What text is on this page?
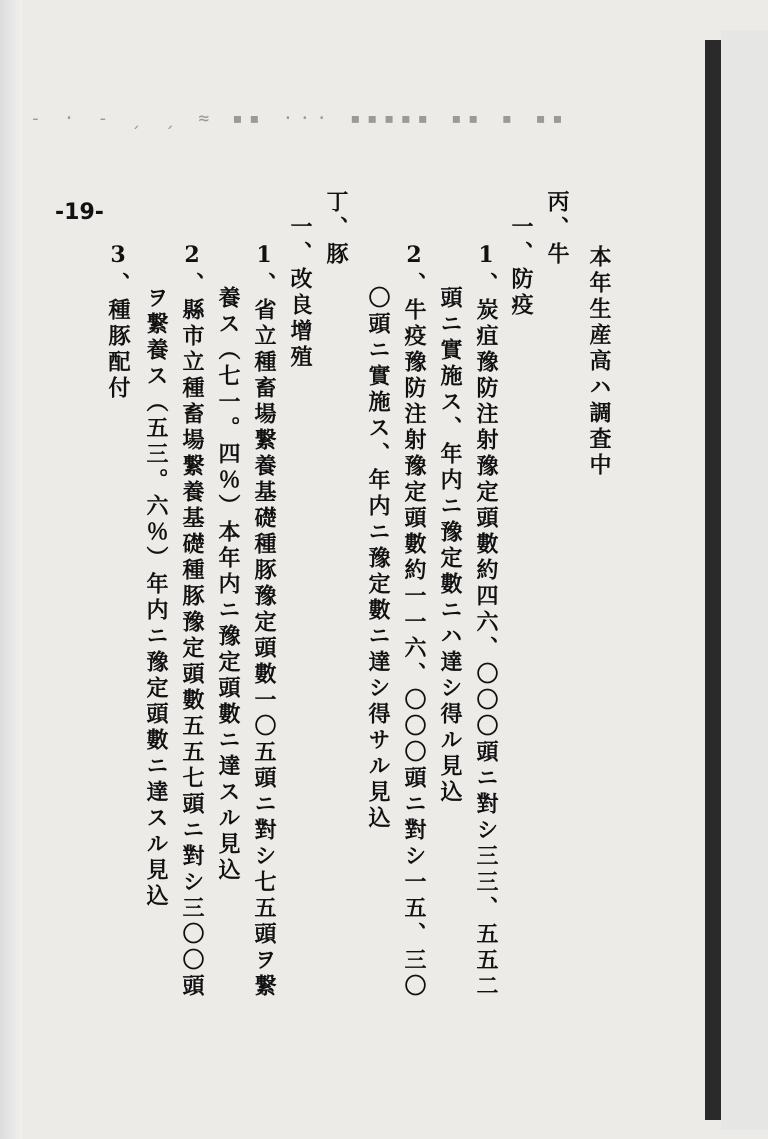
- · ‐ ˏ ˏ ≈ ▪▪ ··· ▪▪▪▪▪ ▪▪ ▪ ▪▪
-19-
本年生産高ハ調査中
丙、牛
一、防疫
1、炭疽豫防注射豫定頭數約四六、〇〇〇頭ニ對シ三三、五五二
頭ニ實施ス、年内ニ豫定數ニハ達シ得ル見込
2、牛疫豫防注射豫定頭數約一一六、〇〇〇頭ニ對シ一五、三〇
〇頭ニ實施ス、年内ニ豫定數ニ達シ得サル見込
丁、豚
一、改良增殖
1、省立種畜場繋養基礎種豚豫定頭數一〇五頭ニ對シ七五頭ヲ繋
養ス（七一。四％）本年内ニ豫定頭數ニ達スル見込
2、縣市立種畜場繋養基礎種豚豫定頭數五五七頭ニ對シ三〇〇頭
ヲ繋養ス（五三。六％）年内ニ豫定頭數ニ達スル見込
3、種豚配付
